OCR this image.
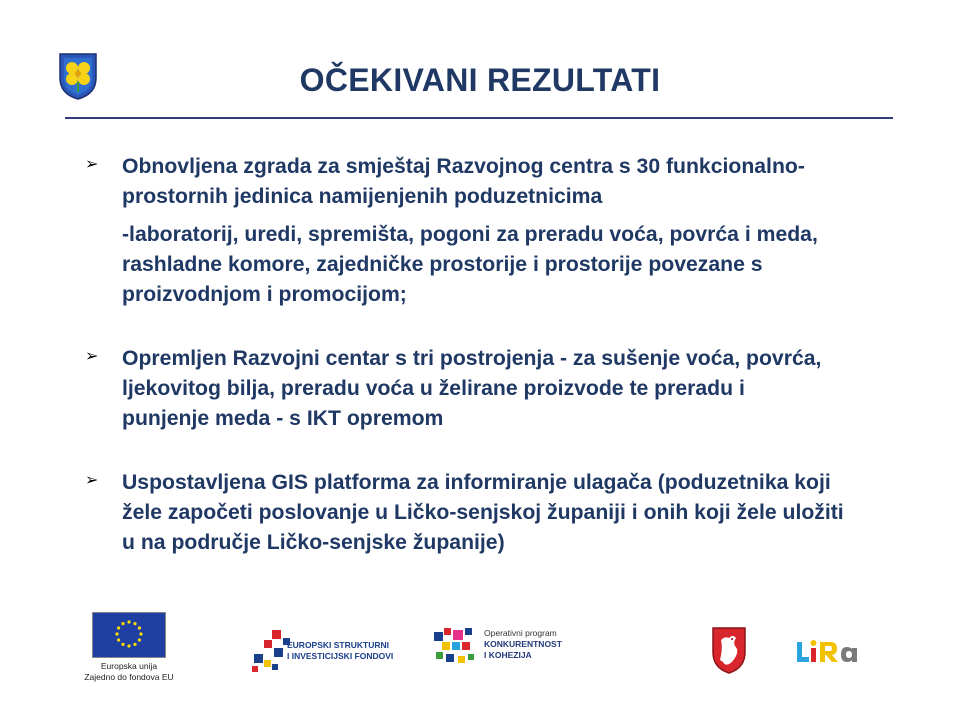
OČEKIVANI REZULTATI
➢	Obnovljena zgrada za smještaj Razvojnog centra s 30 funkcionalno-
prostornih jedinica namijenjenih poduzetnicima

-laboratorij, uredi, spremišta, pogoni za preradu voća, povrća i meda,
rashladne komore, zajedničke prostorije i prostorije povezane s
proizvodnjom i promocijom;

➢	Opremljen Razvojni centar s tri postrojenja - za sušenje voća, povrća,
ljekovitog bilja, preradu voća u želirane proizvode te preradu i
punjenje meda - s IKT opremom

➢	Uspostavljena GIS platforma za informiranje ulagača (poduzetnika koji
žele započeti poslovanje u Ličko-senjskoj županiji i onih koji žele uložiti
u na područje Ličko-senjske županije)

Europska unija
Zajedno do fondova EU
EUROPSKI STRUKTURNI
I INVESTICIJSKI FONDOVI
Operativni program
KONKURENTNOST
I KOHEZIJA
